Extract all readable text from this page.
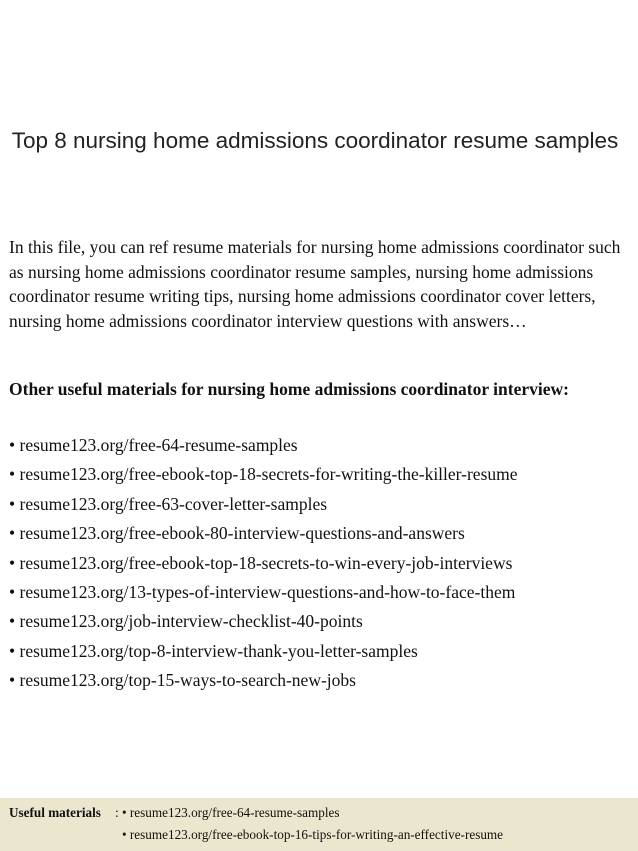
Top 8 nursing home admissions coordinator resume samples

In this file, you can ref resume materials for nursing home admissions coordinator such as nursing home admissions coordinator resume samples, nursing home admissions coordinator resume writing tips, nursing home admissions coordinator cover letters, nursing home admissions coordinator interview questions with answers…

Other useful materials for nursing home admissions coordinator interview:

• resume123.org/free-64-resume-samples
• resume123.org/free-ebook-top-18-secrets-for-writing-the-killer-resume
• resume123.org/free-63-cover-letter-samples
• resume123.org/free-ebook-80-interview-questions-and-answers
• resume123.org/free-ebook-top-18-secrets-to-win-every-job-interviews
• resume123.org/13-types-of-interview-questions-and-how-to-face-them
• resume123.org/job-interview-checklist-40-points
• resume123.org/top-8-interview-thank-you-letter-samples
• resume123.org/top-15-ways-to-search-new-jobs
Useful materials : • resume123.org/free-64-resume-samples
• resume123.org/free-ebook-top-16-tips-for-writing-an-effective-resume
